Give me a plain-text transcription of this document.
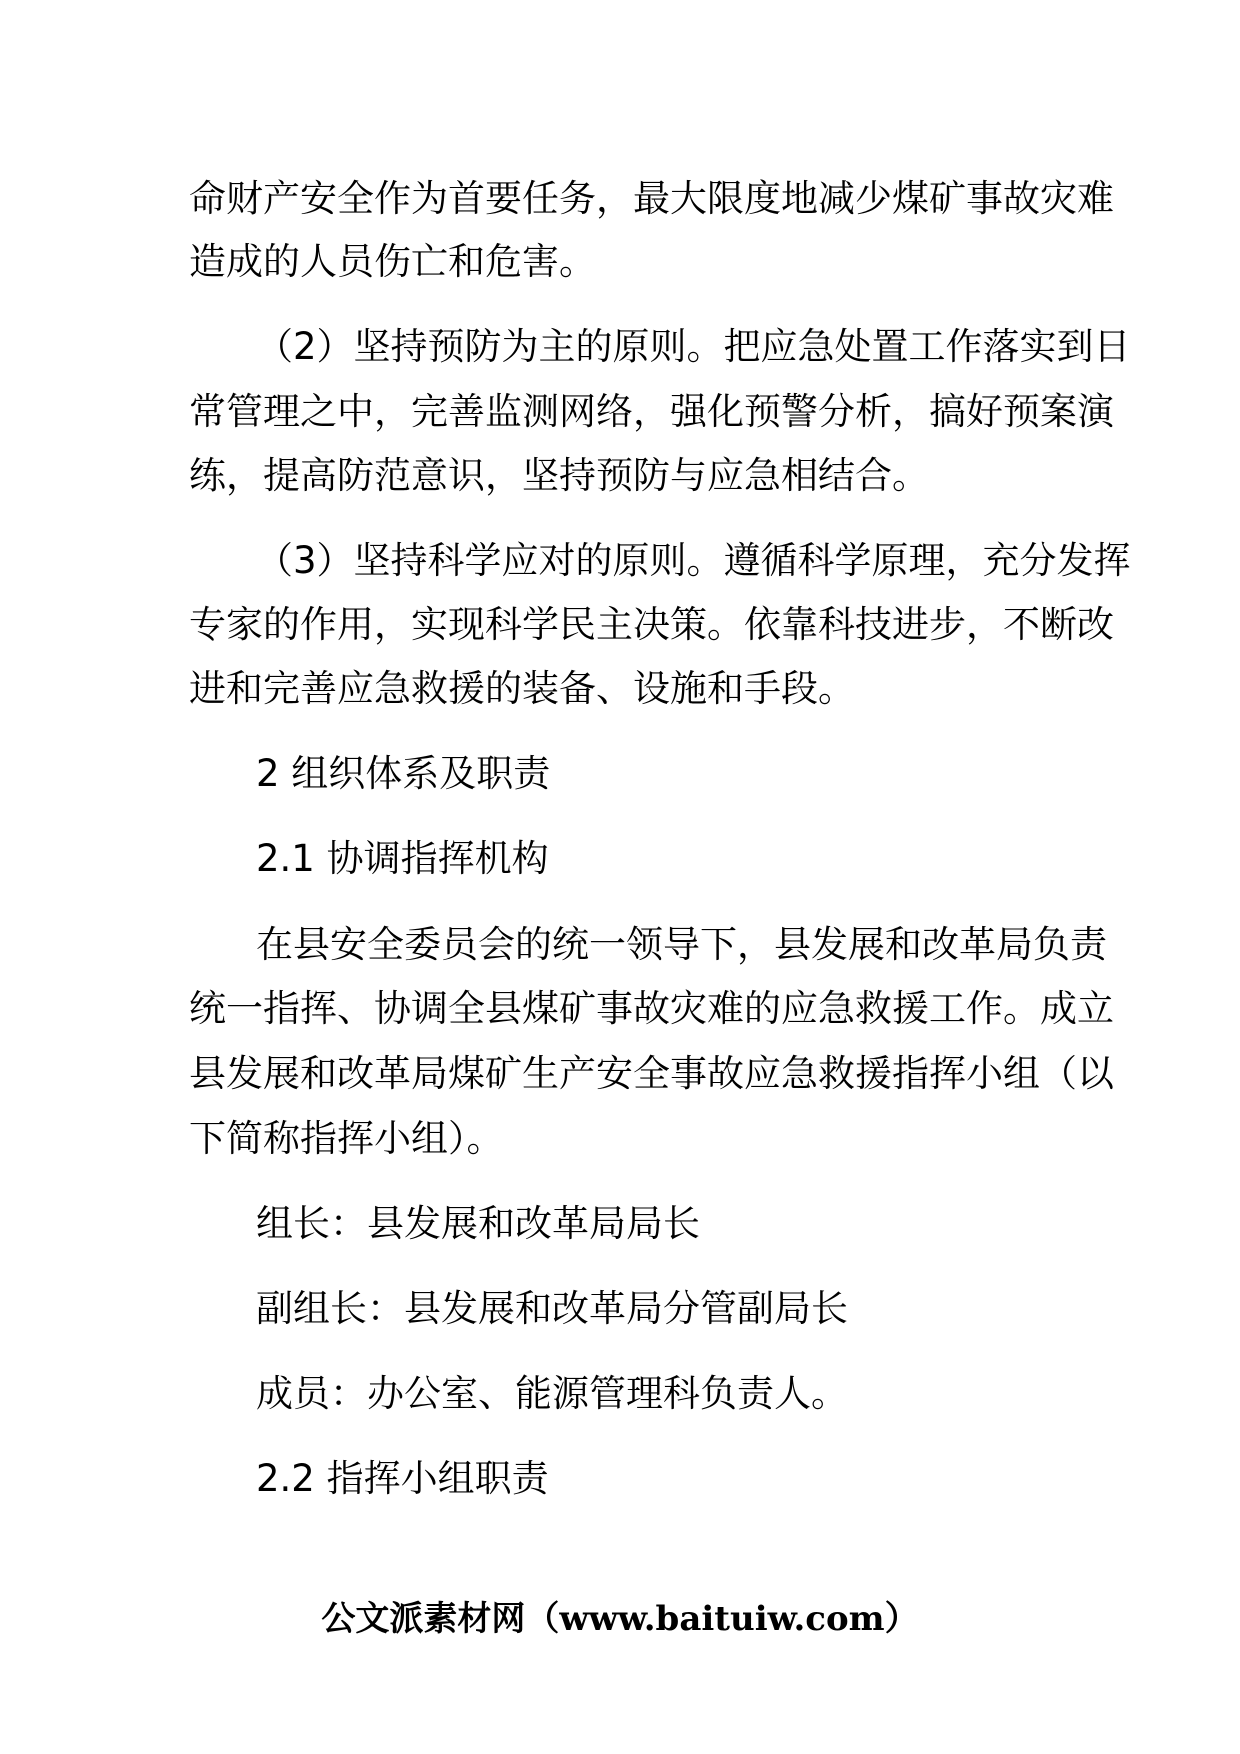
命财产安全作为首要任务，最大限度地减少煤矿事故灾难
造成的人员伤亡和危害。
（2）坚持预防为主的原则。把应急处置工作落实到日
常管理之中，完善监测网络，强化预警分析，搞好预案演
练，提高防范意识，坚持预防与应急相结合。
（3）坚持科学应对的原则。遵循科学原理，充分发挥
专家的作用，实现科学民主决策。依靠科技进步，不断改
进和完善应急救援的装备、设施和手段。
2 组织体系及职责
2.1 协调指挥机构
在县安全委员会的统一领导下，县发展和改革局负责
统一指挥、协调全县煤矿事故灾难的应急救援工作。成立
县发展和改革局煤矿生产安全事故应急救援指挥小组（以
下简称指挥小组）。
组长：县发展和改革局局长
副组长：县发展和改革局分管副局长
成员：办公室、能源管理科负责人。
2.2 指挥小组职责
公文派素材网（www.baituiw.com）
